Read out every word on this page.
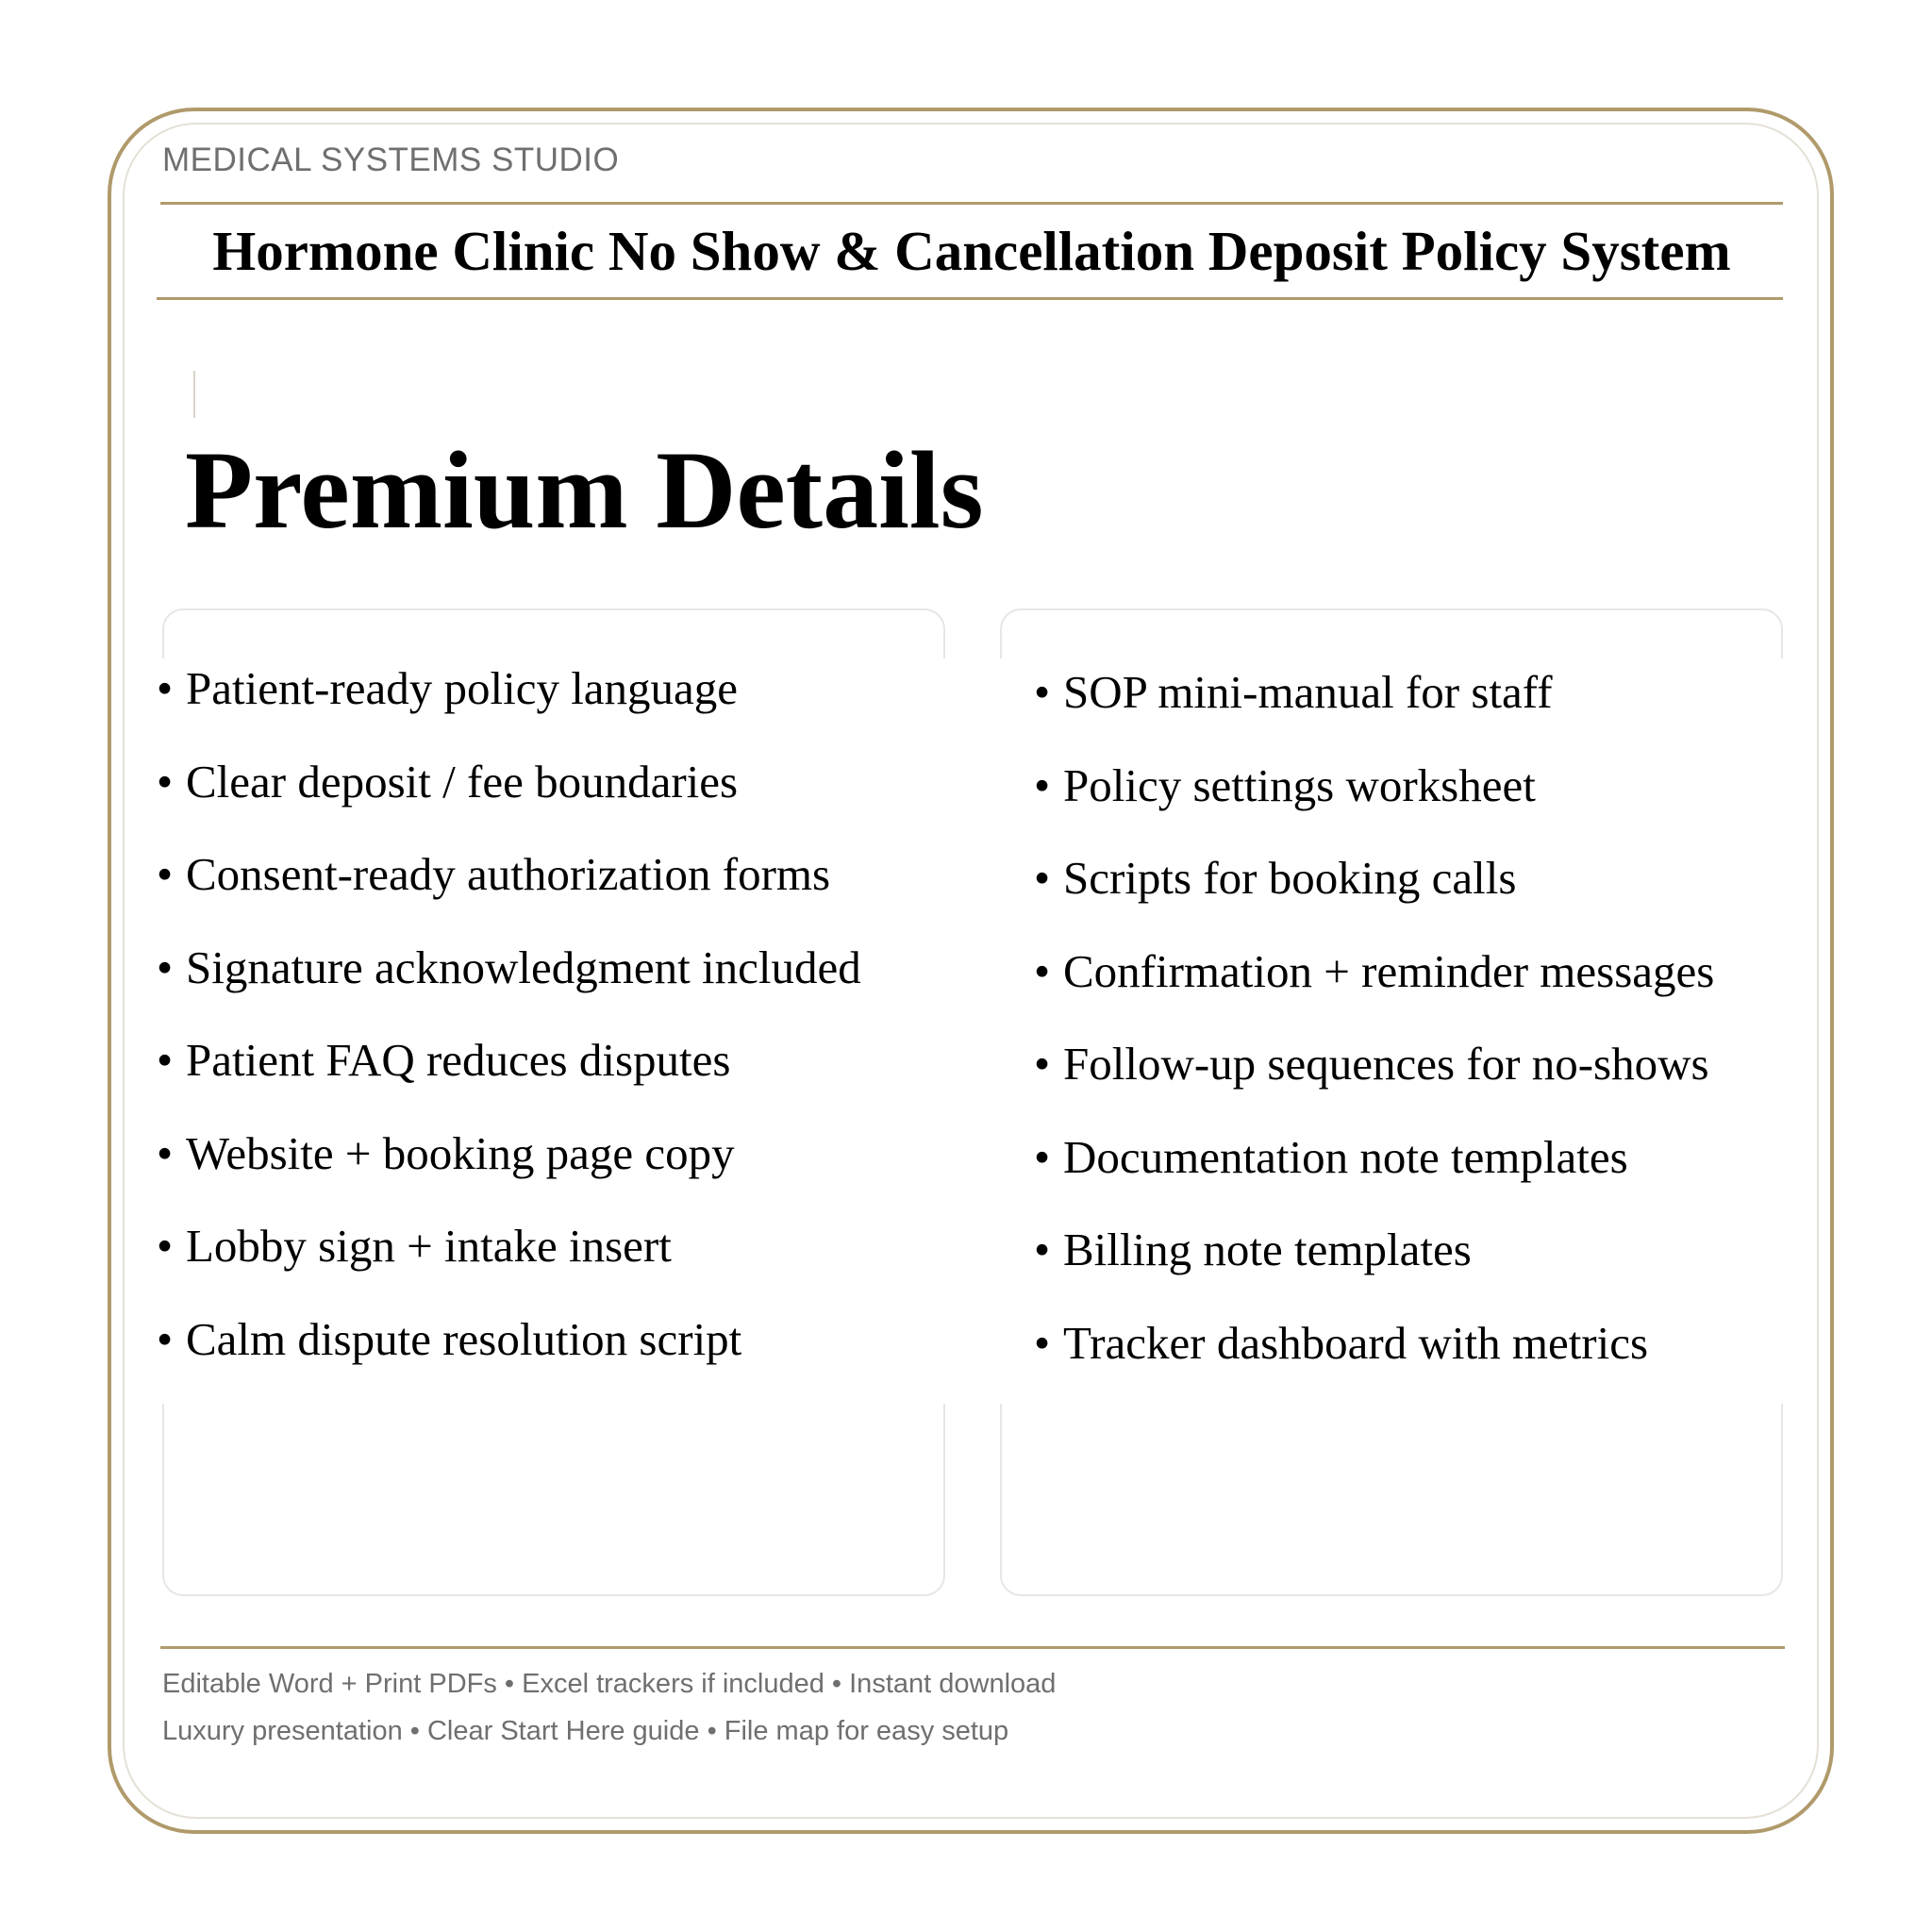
MEDICAL SYSTEMS STUDIO
Hormone Clinic No Show & Cancellation Deposit Policy System
Premium Details
• Patient-ready policy language
• Clear deposit / fee boundaries
• Consent-ready authorization forms
• Signature acknowledgment included
• Patient FAQ reduces disputes
• Website + booking page copy
• Lobby sign + intake insert
• Calm dispute resolution script
• SOP mini-manual for staff
• Policy settings worksheet
• Scripts for booking calls
• Confirmation + reminder messages
• Follow-up sequences for no-shows
• Documentation note templates
• Billing note templates
• Tracker dashboard with metrics
Editable Word + Print PDFs • Excel trackers if included • Instant download
Luxury presentation • Clear Start Here guide • File map for easy setup
